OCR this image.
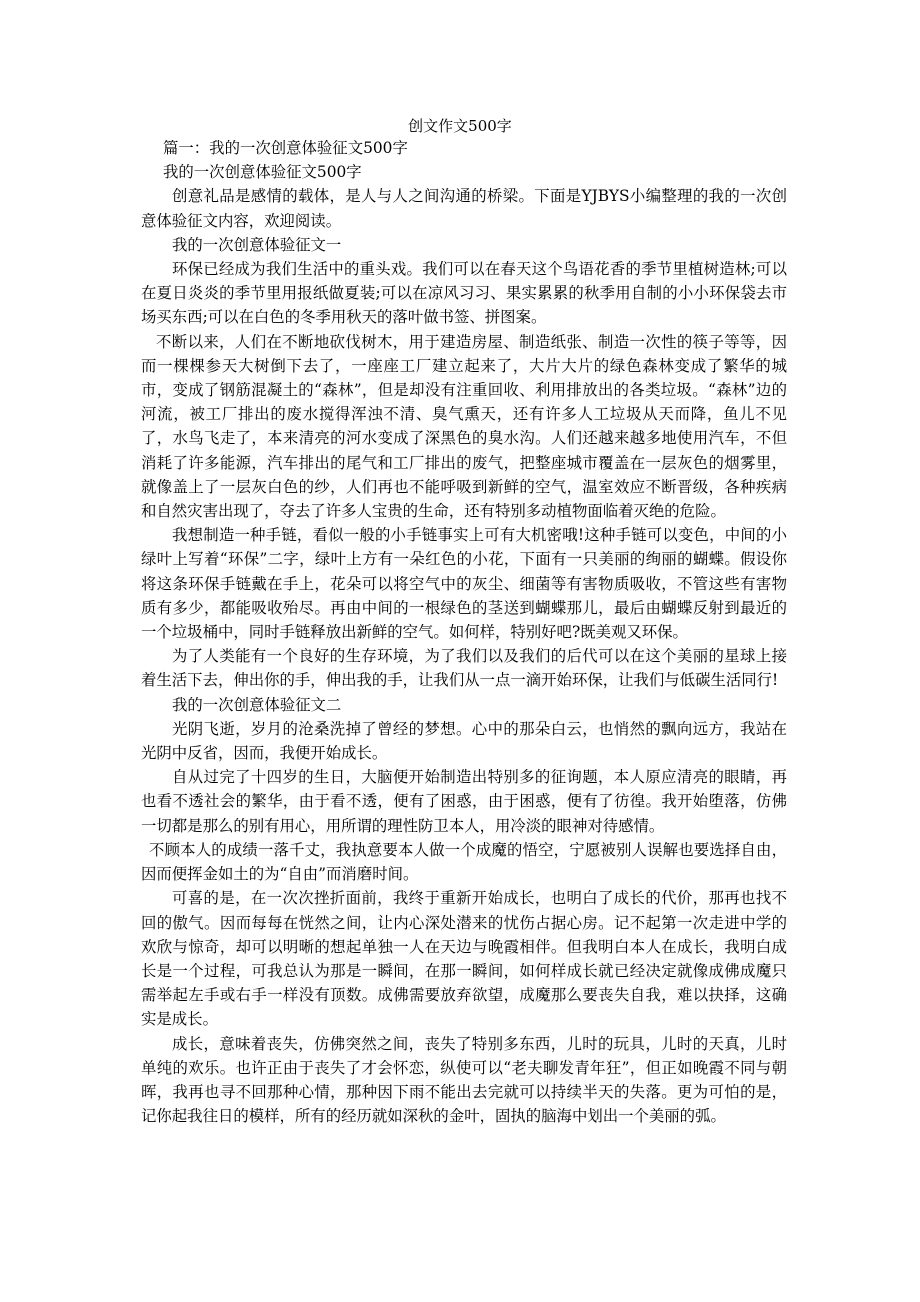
创文作文500字

篇一：我的一次创意体验征文500字

我的一次创意体验征文500字

创意礼品是感情的载体，是人与人之间沟通的桥梁。下面是YJBYS小编整理的我的一次创意体验征文内容，欢迎阅读。

我的一次创意体验征文一

环保已经成为我们生活中的重头戏。我们可以在春天这个鸟语花香的季节里植树造林;可以在夏日炎炎的季节里用报纸做夏装;可以在凉风习习、果实累累的秋季用自制的小小环保袋去市场买东西;可以在白色的冬季用秋天的落叶做书签、拼图案。

不断以来，人们在不断地砍伐树木，用于建造房屋、制造纸张、制造一次性的筷子等等，因而一棵棵参天大树倒下去了，一座座工厂建立起来了，大片大片的绿色森林变成了繁华的城市，变成了钢筋混凝土的“森林”，但是却没有注重回收、利用排放出的各类垃圾。“森林”边的河流，被工厂排出的废水搅得浑浊不清、臭气熏天，还有许多人工垃圾从天而降，鱼儿不见了，水鸟飞走了，本来清亮的河水变成了深黑色的臭水沟。人们还越来越多地使用汽车，不但消耗了许多能源，汽车排出的尾气和工厂排出的废气，把整座城市覆盖在一层灰色的烟雾里，就像盖上了一层灰白色的纱，人们再也不能呼吸到新鲜的空气，温室效应不断晋级，各种疾病和自然灾害出现了，夺去了许多人宝贵的生命，还有特别多动植物面临着灭绝的危险。

我想制造一种手链，看似一般的小手链事实上可有大机密哦!这种手链可以变色，中间的小绿叶上写着“环保”二字，绿叶上方有一朵红色的小花，下面有一只美丽的绚丽的蝴蝶。假设你将这条环保手链戴在手上，花朵可以将空气中的灰尘、细菌等有害物质吸收，不管这些有害物质有多少，都能吸收殆尽。再由中间的一根绿色的茎送到蝴蝶那儿，最后由蝴蝶反射到最近的一个垃圾桶中，同时手链释放出新鲜的空气。如何样，特别好吧?既美观又环保。

为了人类能有一个良好的生存环境，为了我们以及我们的后代可以在这个美丽的星球上接着生活下去，伸出你的手，伸出我的手，让我们从一点一滴开始环保，让我们与低碳生活同行!

我的一次创意体验征文二

光阴飞逝，岁月的沧桑洗掉了曾经的梦想。心中的那朵白云，也悄然的飘向远方，我站在光阴中反省，因而，我便开始成长。

自从过完了十四岁的生日，大脑便开始制造出特别多的征询题，本人原应清亮的眼睛，再也看不透社会的繁华，由于看不透，便有了困惑，由于困惑，便有了彷徨。我开始堕落，仿佛一切都是那么的别有用心，用所谓的理性防卫本人，用冷淡的眼神对待感情。

不顾本人的成绩一落千丈，我执意要本人做一个成魔的悟空，宁愿被别人误解也要选择自由，因而便挥金如土的为“自由”而消磨时间。

可喜的是，在一次次挫折面前，我终于重新开始成长，也明白了成长的代价，那再也找不回的傲气。因而每每在恍然之间，让内心深处潜来的忧伤占据心房。记不起第一次走进中学的欢欣与惊奇，却可以明晰的想起单独一人在天边与晚霞相伴。但我明白本人在成长，我明白成长是一个过程，可我总认为那是一瞬间，在那一瞬间，如何样成长就已经决定就像成佛成魔只需举起左手或右手一样没有顶数。成佛需要放弃欲望，成魔那么要丧失自我，难以抉择，这确实是成长。

成长，意味着丧失，仿佛突然之间，丧失了特别多东西，儿时的玩具，儿时的天真，儿时单纯的欢乐。也许正由于丧失了才会怀恋，纵使可以“老夫聊发青年狂”，但正如晚霞不同与朝晖，我再也寻不回那种心情，那种因下雨不能出去完就可以持续半天的失落。更为可怕的是，记你起我往日的模样，所有的经历就如深秋的金叶，固执的脑海中划出一个美丽的弧。
